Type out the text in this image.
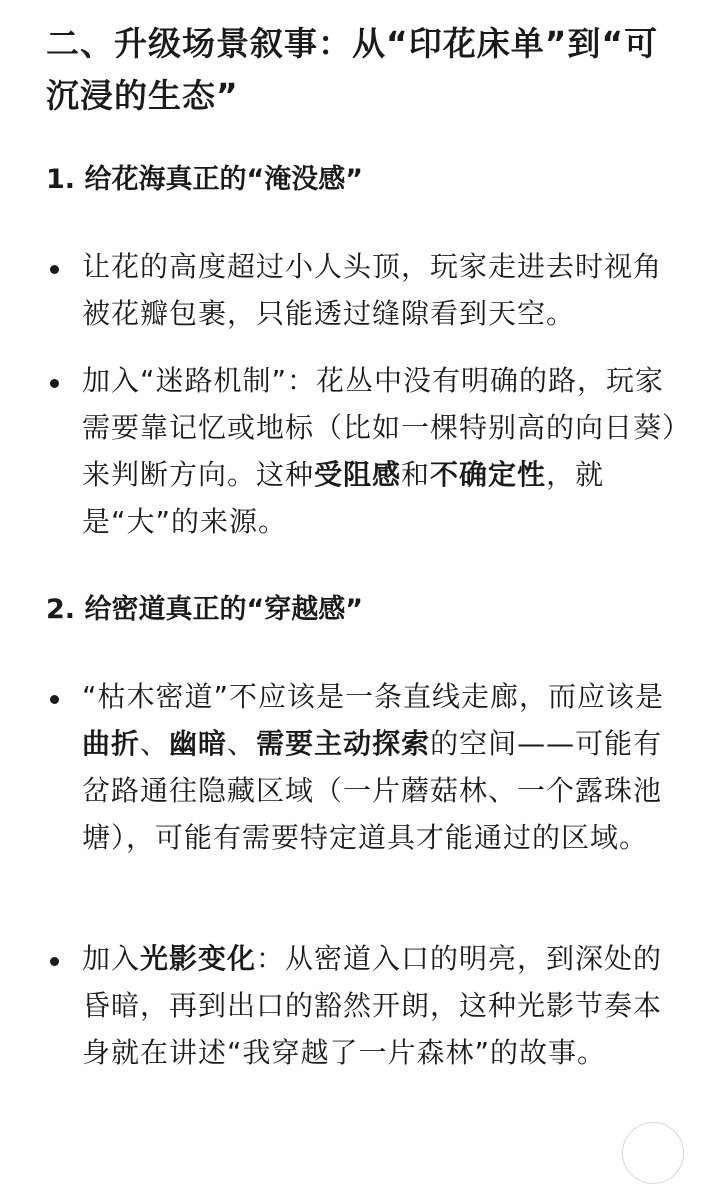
二、升级场景叙事：从“印花床单”到“可沉浸的生态”
1. 给花海真正的“淹没感”
让花的高度超过小人头顶，玩家走进去时视角被花瓣包裹，只能透过缝隙看到天空。
加入“迷路机制”：花丛中没有明确的路，玩家需要靠记忆或地标（比如一棵特别高的向日葵）来判断方向。这种受阻感和不确定性，就是“大”的来源。
2. 给密道真正的“穿越感”
“枯木密道”不应该是一条直线走廊，而应该是曲折、幽暗、需要主动探索的空间——可能有岔路通往隐藏区域（一片蘑菇林、一个露珠池塘），可能有需要特定道具才能通过的区域。
加入光影变化：从密道入口的明亮，到深处的昏暗，再到出口的豁然开朗，这种光影节奏本身就在讲述“我穿越了一片森林”的故事。
